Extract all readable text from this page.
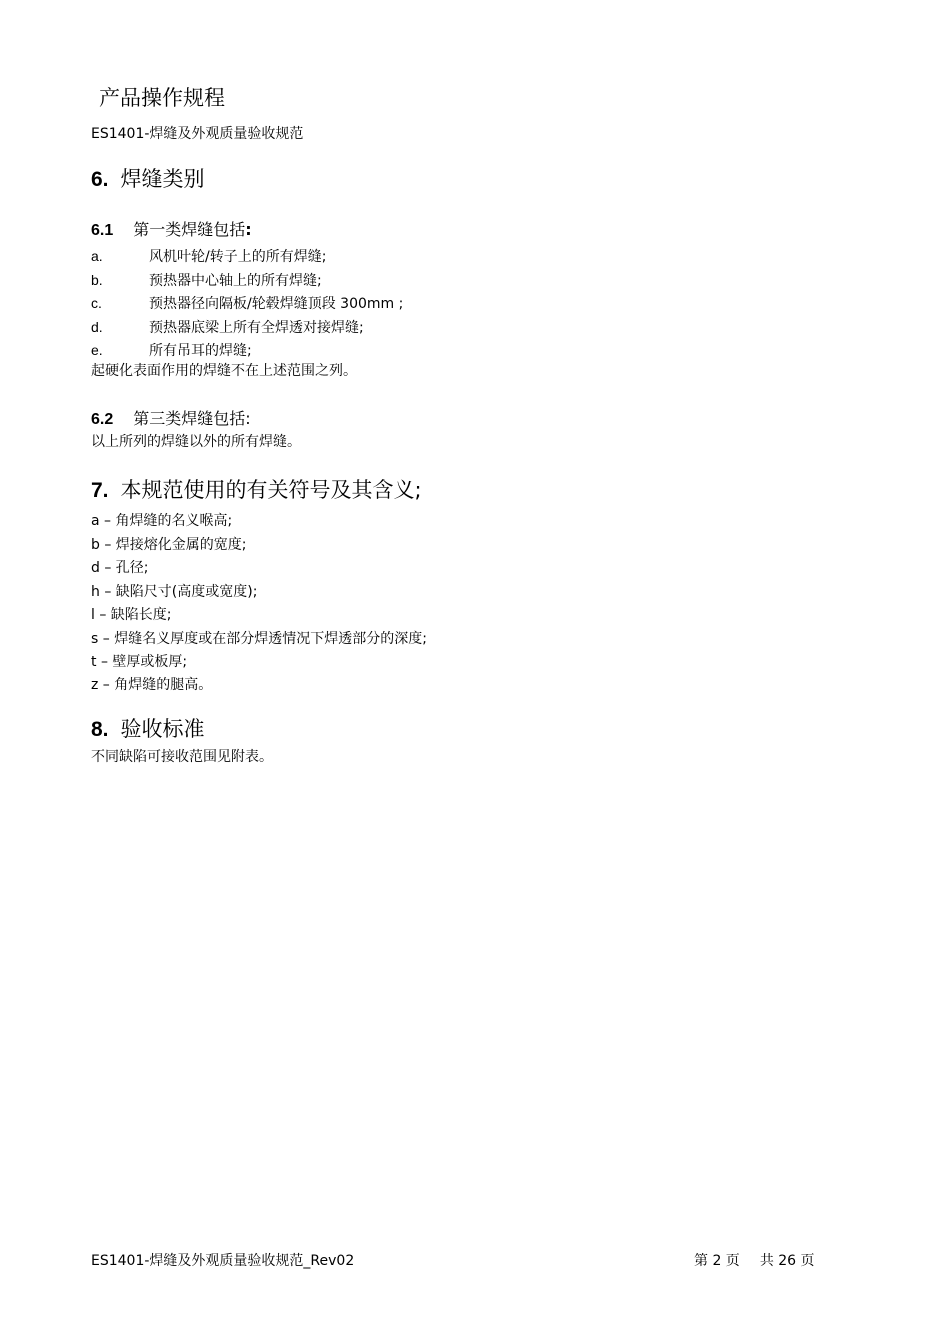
产品操作规程
ES1401-焊缝及外观质量验收规范
6. 焊缝类别
6.1 第一类焊缝包括:
a.	风机叶轮/转子上的所有焊缝;
b.	预热器中心轴上的所有焊缝;
c.	预热器径向隔板/轮毂焊缝顶段 300mm ;
d.	预热器底梁上所有全焊透对接焊缝;
e.	所有吊耳的焊缝;
起硬化表面作用的焊缝不在上述范围之列。
6.2 第三类焊缝包括:
以上所列的焊缝以外的所有焊缝。
7. 本规范使用的有关符号及其含义;
a – 角焊缝的名义喉高;
b – 焊接熔化金属的宽度;
d – 孔径;
h – 缺陷尺寸(高度或宽度);
l – 缺陷长度;
s – 焊缝名义厚度或在部分焊透情况下焊透部分的深度;
t – 壁厚或板厚;
z – 角焊缝的腿高。
8. 验收标准
不同缺陷可接收范围见附表。
ES1401-焊缝及外观质量验收规范_Rev02	第 2 页 共 26 页
